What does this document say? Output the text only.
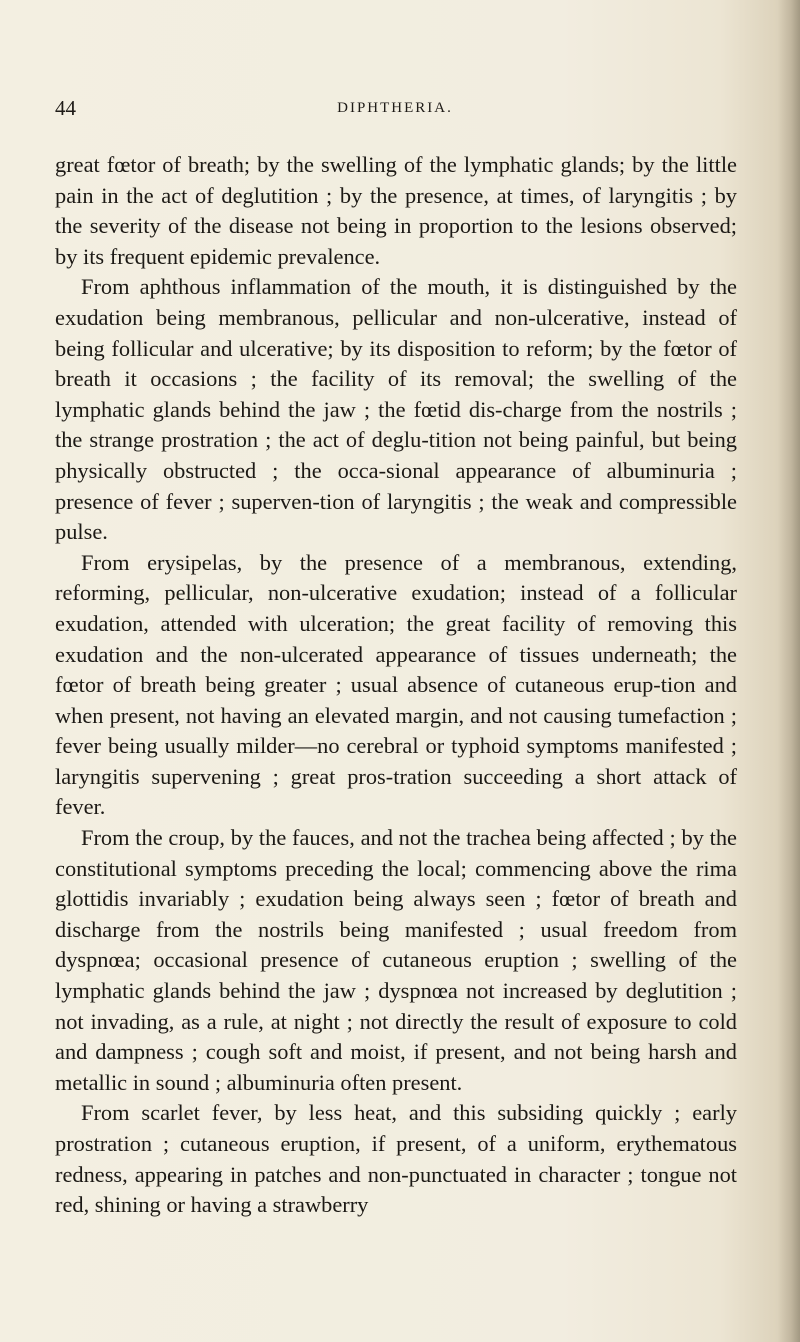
44	DIPHTHERIA.

great fœtor of breath; by the swelling of the lymphatic glands; by the little pain in the act of deglutition ; by the presence, at times, of laryngitis ; by the severity of the disease not being in proportion to the lesions observed; by its frequent epidemic prevalence.

From aphthous inflammation of the mouth, it is distinguished by the exudation being membranous, pellicular and non-ulcerative, instead of being follicular and ulcerative; by its disposition to reform; by the fœtor of breath it occasions ; the facility of its removal; the swelling of the lymphatic glands behind the jaw ; the fœtid dis-charge from the nostrils ; the strange prostration ; the act of deglu-tition not being painful, but being physically obstructed ; the occa-sional appearance of albuminuria ; presence of fever ; superven-tion of laryngitis ; the weak and compressible pulse.

From erysipelas, by the presence of a membranous, extending, reforming, pellicular, non-ulcerative exudation; instead of a follicular exudation, attended with ulceration; the great facility of removing this exudation and the non-ulcerated appearance of tissues underneath; the fœtor of breath being greater ; usual absence of cutaneous erup-tion and when present, not having an elevated margin, and not causing tumefaction ; fever being usually milder—no cerebral or typhoid symptoms manifested ; laryngitis supervening ; great pros-tration succeeding a short attack of fever.

From the croup, by the fauces, and not the trachea being affected ; by the constitutional symptoms preceding the local; commencing above the rima glottidis invariably ; exudation being always seen ; fœtor of breath and discharge from the nostrils being manifested ; usual freedom from dyspnœa; occasional presence of cutaneous eruption ; swelling of the lymphatic glands behind the jaw ; dyspnœa not increased by deglutition ; not invading, as a rule, at night ; not directly the result of exposure to cold and dampness ; cough soft and moist, if present, and not being harsh and metallic in sound ; albuminuria often present.

From scarlet fever, by less heat, and this subsiding quickly ; early prostration ; cutaneous eruption, if present, of a uniform, erythematous redness, appearing in patches and non-punctuated in character ; tongue not red, shining or having a strawberry
